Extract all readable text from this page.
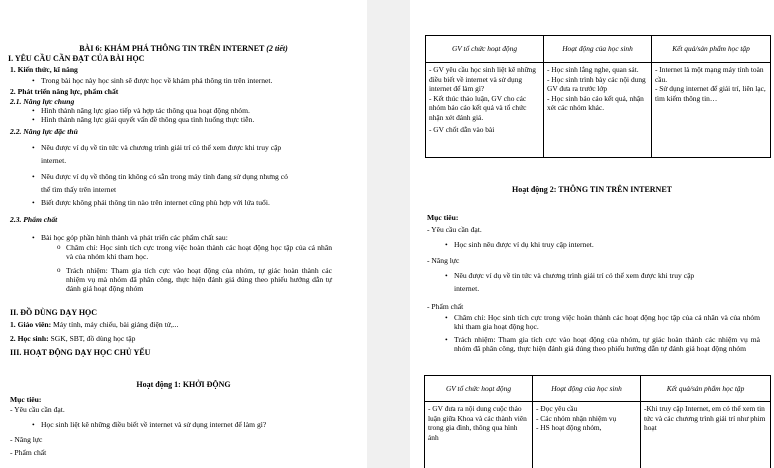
BÀI 6: KHÁM PHÁ THÔNG TIN TRÊN INTERNET (2 tiết)
I. YÊU CẦU CẦN ĐẠT CỦA BÀI HỌC
1. Kiến thức, kĩ năng
• Trong bài học này học sinh sẽ được học về khám phá thông tin trên internet.
2. Phát triển năng lực, phẩm chất
2.1. Năng lực chung
• Hình thành năng lực giao tiếp và hợp tác thông qua hoạt động nhóm.
• Hình thành năng lực giải quyết vấn đề thông qua tình huống thực tiễn.
2.2. Năng lực đặc thù
• Nêu được ví dụ về tin tức và chương trình giải trí có thể xem được khi truy cập
internet.
• Nêu được ví dụ về thông tin không có sẵn trong máy tính đang sử dụng nhưng có
thể tìm thấy trên internet
• Biết được không phải thông tin nào trên internet cũng phù hợp với lứa tuổi.
2.3. Phẩm chất
• Bài học góp phần hình thành và phát triển các phẩm chất sau:
o Chăm chỉ: Học sinh tích cực trong việc hoàn thành các hoạt động học tập của cá nhân và của nhóm khi tham học.
o Trách nhiệm: Tham gia tích cực vào hoạt động của nhóm, tự giác hoàn thành các nhiệm vụ mà nhóm đã phân công, thực hiện đánh giá đúng theo phiếu hướng dẫn tự đánh giá hoạt động nhóm
II. ĐỒ DÙNG DẠY HỌC
1. Giáo viên: Máy tính, máy chiếu, bài giảng điện tử,...
2. Học sinh: SGK, SBT, đồ dùng học tập
III. HOẠT ĐỘNG DẠY HỌC CHỦ YẾU
Hoạt động 1: KHỞI ĐỘNG
Mục tiêu:
- Yêu cầu cần đạt.
• Học sinh liệt kê những điều biết về internet và sử dụng internet để làm gì?
- Năng lực
- Phẩm chất
GV tổ chức hoạt động	Hoạt động của học sinh	Kết quả/sản phẩm học tập

- GV yêu cầu học sinh liệt kê những điều biết về internet và sử dụng internet để làm gì?
- Kết thúc thảo luận, GV cho các nhóm báo cáo kết quả và tổ chức nhận xét đánh giá.
- GV chốt dẫn vào bài	- Học sinh lắng nghe, quan sát.
- Học sinh trình bày các nội dung GV đưa ra trước lớp
- Học sinh báo cáo kết quả, nhận xét các nhóm khác.	- Internet là một mạng máy tính toàn cầu.
- Sử dụng internet để giải trí, liên lạc, tìm kiếm thông tin…
Hoạt động 2: THÔNG TIN TRÊN INTERNET
Mục tiêu:
- Yêu cầu cần đạt.
• Học sinh nêu được ví dụ khi truy cập internet.
- Năng lực
• Nêu được ví dụ về tin tức và chương trình giải trí có thể xem được khi truy cập
internet.
- Phẩm chất
• Chăm chỉ: Học sinh tích cực trong việc hoàn thành các hoạt động học tập của cá nhân và của nhóm khi tham gia hoạt động học.
• Trách nhiệm: Tham gia tích cực vào hoạt động của nhóm, tự giác hoàn thành các nhiệm vụ mà nhóm đã phân công, thực hiện đánh giá đúng theo phiếu hướng dẫn tự đánh giá hoạt động nhóm
GV tổ chức hoạt động	Hoạt động của học sinh	Kết quả/sản phẩm học tập

- GV đưa ra nội dung cuộc thảo luận giữa Khoa và các thành viên trong gia đình, thông qua hình ảnh	- Đọc yêu cầu
- Các nhóm nhận nhiệm vụ
- HS hoạt động nhóm,	-Khi truy cập Internet, em có thể xem tin tức và các chương trình giải trí như phim hoạt
